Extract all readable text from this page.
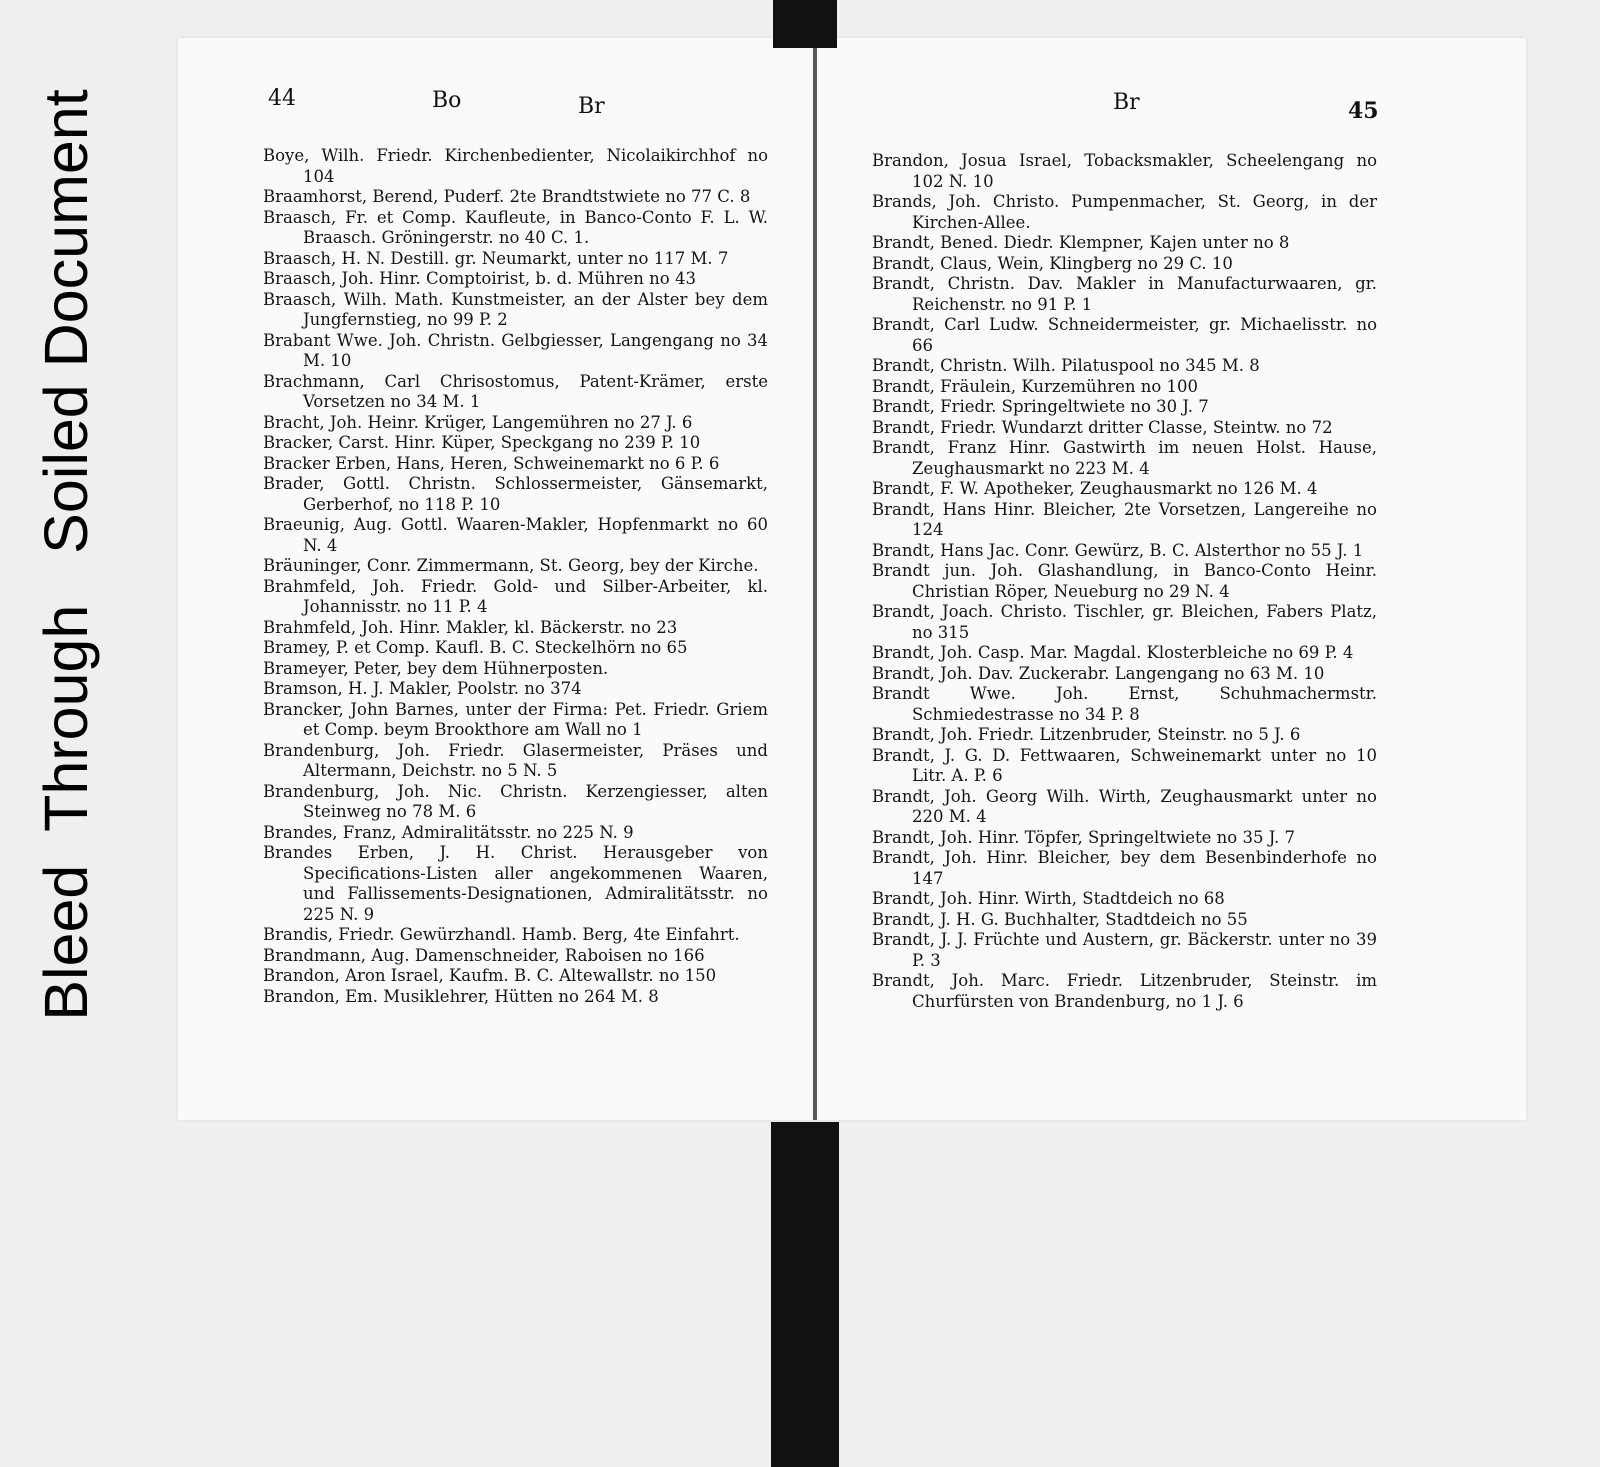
Bleed  Through   Soiled Document	44	Bo	Br
Boye, Wilh. Friedr. Kirchenbedienter, Nicolaikirchhof no 104
Braamhorst, Berend, Puderf. 2te Brandtstwiete no 77 C. 8
Braasch, Fr. et Comp. Kaufleute, in Banco-Conto F. L. W. Braasch. Gröningerstr. no 40 C. 1.
Braasch, H. N. Destill. gr. Neumarkt, unter no 117 M. 7
Braasch, Joh. Hinr. Comptoirist, b. d. Mühren no 43
Braasch, Wilh. Math. Kunstmeister, an der Alster bey dem Jungfernstieg, no 99 P. 2
Brabant Wwe. Joh. Christn. Gelbgiesser, Langengang no 34 M. 10
Brachmann, Carl Chrisostomus, Patent-Krämer, erste Vorsetzen no 34 M. 1
Bracht, Joh. Heinr. Krüger, Langemühren no 27 J. 6
Bracker, Carst. Hinr. Küper, Speckgang no 239 P. 10
Bracker Erben, Hans, Heren, Schweinemarkt no 6 P. 6
Brader, Gottl. Christn. Schlossermeister, Gänsemarkt, Gerberhof, no 118 P. 10
Braeunig, Aug. Gottl. Waaren-Makler, Hopfenmarkt no 60 N. 4
Bräuninger, Conr. Zimmermann, St. Georg, bey der Kirche.
Brahmfeld, Joh. Friedr. Gold- und Silber-Arbeiter, kl. Johannisstr. no 11 P. 4
Brahmfeld, Joh. Hinr. Makler, kl. Bäckerstr. no 23
Bramey, P. et Comp. Kaufl. B. C. Steckelhörn no 65
Brameyer, Peter, bey dem Hühnerposten.
Bramson, H. J. Makler, Poolstr. no 374
Brancker, John Barnes, unter der Firma: Pet. Friedr. Griem et Comp. beym Brookthore am Wall no 1
Brandenburg, Joh. Friedr. Glasermeister, Präses und Altermann, Deichstr. no 5 N. 5
Brandenburg, Joh. Nic. Christn. Kerzengiesser, alten Steinweg no 78 M. 6
Brandes, Franz, Admiralitätsstr. no 225 N. 9
Brandes Erben, J. H. Christ. Herausgeber von Specifications-Listen aller angekommenen Waaren, und Fallissements-Designationen, Admiralitätsstr. no 225 N. 9
Brandis, Friedr. Gewürzhandl. Hamb. Berg, 4te Einfahrt.
Brandmann, Aug. Damenschneider, Raboisen no 166
Brandon, Aron Israel, Kaufm. B. C. Altewallstr. no 150
Brandon, Em. Musiklehrer, Hütten no 264 M. 8
Br	45
Brandon, Josua Israel, Tobacksmakler, Scheelengang no 102 N. 10
Brands, Joh. Christo. Pumpenmacher, St. Georg, in der Kirchen-Allee.
Brandt, Bened. Diedr. Klempner, Kajen unter no 8
Brandt, Claus, Wein, Klingberg no 29 C. 10
Brandt, Christn. Dav. Makler in Manufacturwaaren, gr. Reichenstr. no 91 P. 1
Brandt, Carl Ludw. Schneidermeister, gr. Michaelisstr. no 66
Brandt, Christn. Wilh. Pilatuspool no 345 M. 8
Brandt, Fräulein, Kurzemühren no 100
Brandt, Friedr. Springeltwiete no 30 J. 7
Brandt, Friedr. Wundarzt dritter Classe, Steintw. no 72
Brandt, Franz Hinr. Gastwirth im neuen Holst. Hause, Zeughausmarkt no 223 M. 4
Brandt, F. W. Apotheker, Zeughausmarkt no 126 M. 4
Brandt, Hans Hinr. Bleicher, 2te Vorsetzen, Langereihe no 124
Brandt, Hans Jac. Conr. Gewürz, B. C. Alsterthor no 55 J. 1
Brandt jun. Joh. Glashandlung, in Banco-Conto Heinr. Christian Röper, Neueburg no 29 N. 4
Brandt, Joach. Christo. Tischler, gr. Bleichen, Fabers Platz, no 315
Brandt, Joh. Casp. Mar. Magdal. Klosterbleiche no 69 P. 4
Brandt, Joh. Dav. Zuckerabr. Langengang no 63 M. 10
Brandt Wwe. Joh. Ernst, Schuhmachermstr. Schmiedestrasse no 34 P. 8
Brandt, Joh. Friedr. Litzenbruder, Steinstr. no 5 J. 6
Brandt, J. G. D. Fettwaaren, Schweinemarkt unter no 10 Litr. A. P. 6
Brandt, Joh. Georg Wilh. Wirth, Zeughausmarkt unter no 220 M. 4
Brandt, Joh. Hinr. Töpfer, Springeltwiete no 35 J. 7
Brandt, Joh. Hinr. Bleicher, bey dem Besenbinderhofe no 147
Brandt, Joh. Hinr. Wirth, Stadtdeich no 68
Brandt, J. H. G. Buchhalter, Stadtdeich no 55
Brandt, J. J. Früchte und Austern, gr. Bäckerstr. unter no 39 P. 3
Brandt, Joh. Marc. Friedr. Litzenbruder, Steinstr. im Churfürsten von Brandenburg, no 1 J. 6
